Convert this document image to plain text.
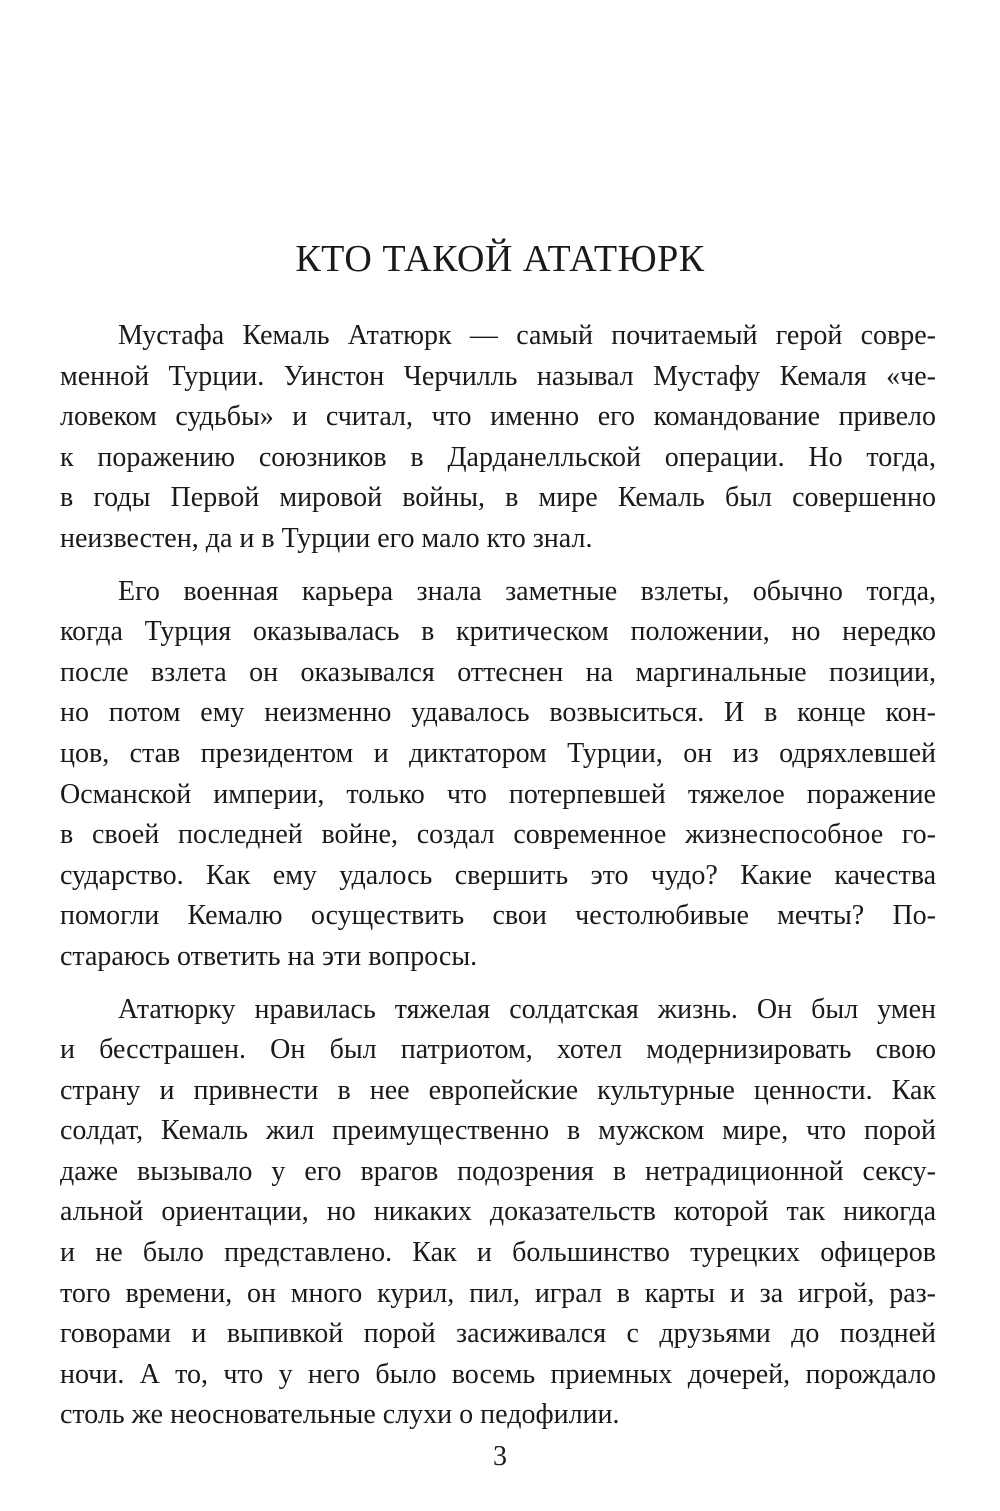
КТО ТАКОЙ АТАТЮРК

Мустафа Кемаль Ататюрк — самый почитаемый герой совре-
менной Турции. Уинстон Черчилль называл Мустафу Кемаля «че-
ловеком судьбы» и считал, что именно его командование привело
к поражению союзников в Дарданелльской операции. Но тогда,
в годы Первой мировой войны, в мире Кемаль был совершенно
неизвестен, да и в Турции его мало кто знал.

Его военная карьера знала заметные взлеты, обычно тогда,
когда Турция оказывалась в критическом положении, но нередко
после взлета он оказывался оттеснен на маргинальные позиции,
но потом ему неизменно удавалось возвыситься. И в конце кон-
цов, став президентом и диктатором Турции, он из одряхлевшей
Османской империи, только что потерпевшей тяжелое поражение
в своей последней войне, создал современное жизнеспособное го-
сударство. Как ему удалось свершить это чудо? Какие качества
помогли Кемалю осуществить свои честолюбивые мечты? По-
стараюсь ответить на эти вопросы.

Ататюрку нравилась тяжелая солдатская жизнь. Он был умен
и бесстрашен. Он был патриотом, хотел модернизировать свою
страну и привнести в нее европейские культурные ценности. Как
солдат, Кемаль жил преимущественно в мужском мире, что порой
даже вызывало у его врагов подозрения в нетрадиционной сексу-
альной ориентации, но никаких доказательств которой так никогда
и не было представлено. Как и большинство турецких офицеров
того времени, он много курил, пил, играл в карты и за игрой, раз-
говорами и выпивкой порой засиживался с друзьями до поздней
ночи. А то, что у него было восемь приемных дочерей, порождало
столь же неосновательные слухи о педофилии.

3
